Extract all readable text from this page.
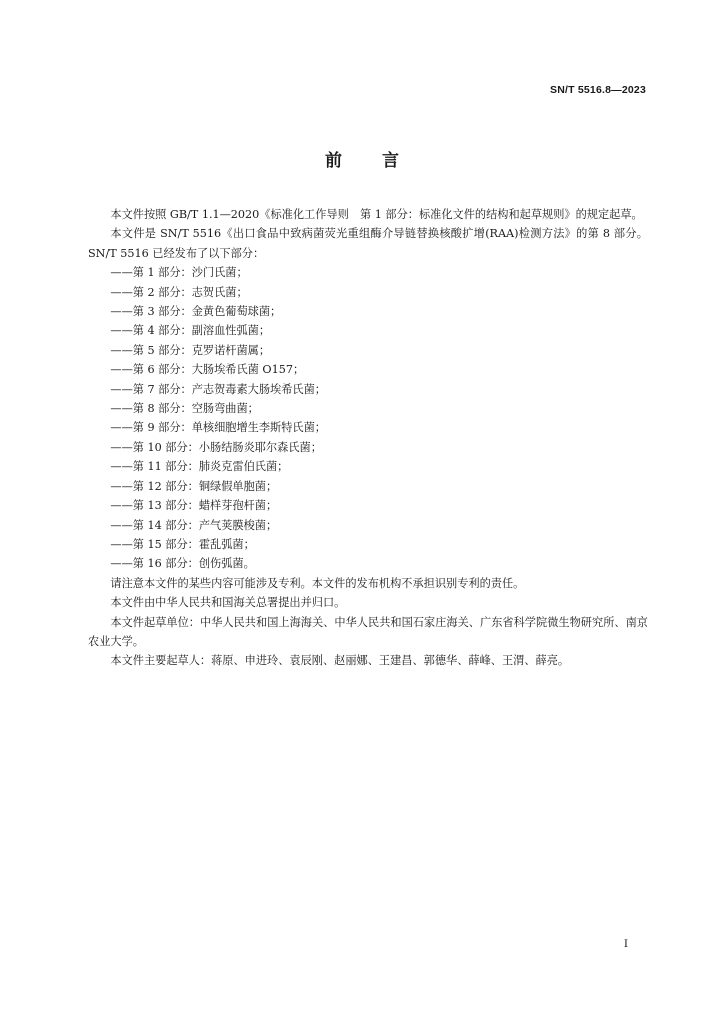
SN/T 5516.8—2023
前言

本文件按照 GB/T 1.1—2020《标准化工作导则　第 1 部分：标准化文件的结构和起草规则》的规定起草。

本文件是 SN/T 5516《出口食品中致病菌荧光重组酶介导链替换核酸扩增(RAA)检测方法》的第 8 部分。SN/T 5516 已经发布了以下部分：

——第 1 部分：沙门氏菌；
——第 2 部分：志贺氏菌；
——第 3 部分：金黄色葡萄球菌；
——第 4 部分：副溶血性弧菌；
——第 5 部分：克罗诺杆菌属；
——第 6 部分：大肠埃希氏菌 O157；
——第 7 部分：产志贺毒素大肠埃希氏菌；
——第 8 部分：空肠弯曲菌；
——第 9 部分：单核细胞增生李斯特氏菌；
——第 10 部分：小肠结肠炎耶尔森氏菌；
——第 11 部分：肺炎克雷伯氏菌；
——第 12 部分：铜绿假单胞菌；
——第 13 部分：蜡样芽孢杆菌；
——第 14 部分：产气荚膜梭菌；
——第 15 部分：霍乱弧菌；
——第 16 部分：创伤弧菌。

请注意本文件的某些内容可能涉及专利。本文件的发布机构不承担识别专利的责任。

本文件由中华人民共和国海关总署提出并归口。

本文件起草单位：中华人民共和国上海海关、中华人民共和国石家庄海关、广东省科学院微生物研究所、南京农业大学。

本文件主要起草人：蒋原、申进玲、袁辰刚、赵丽娜、王建昌、郭德华、薛峰、王渭、薛亮。

I
